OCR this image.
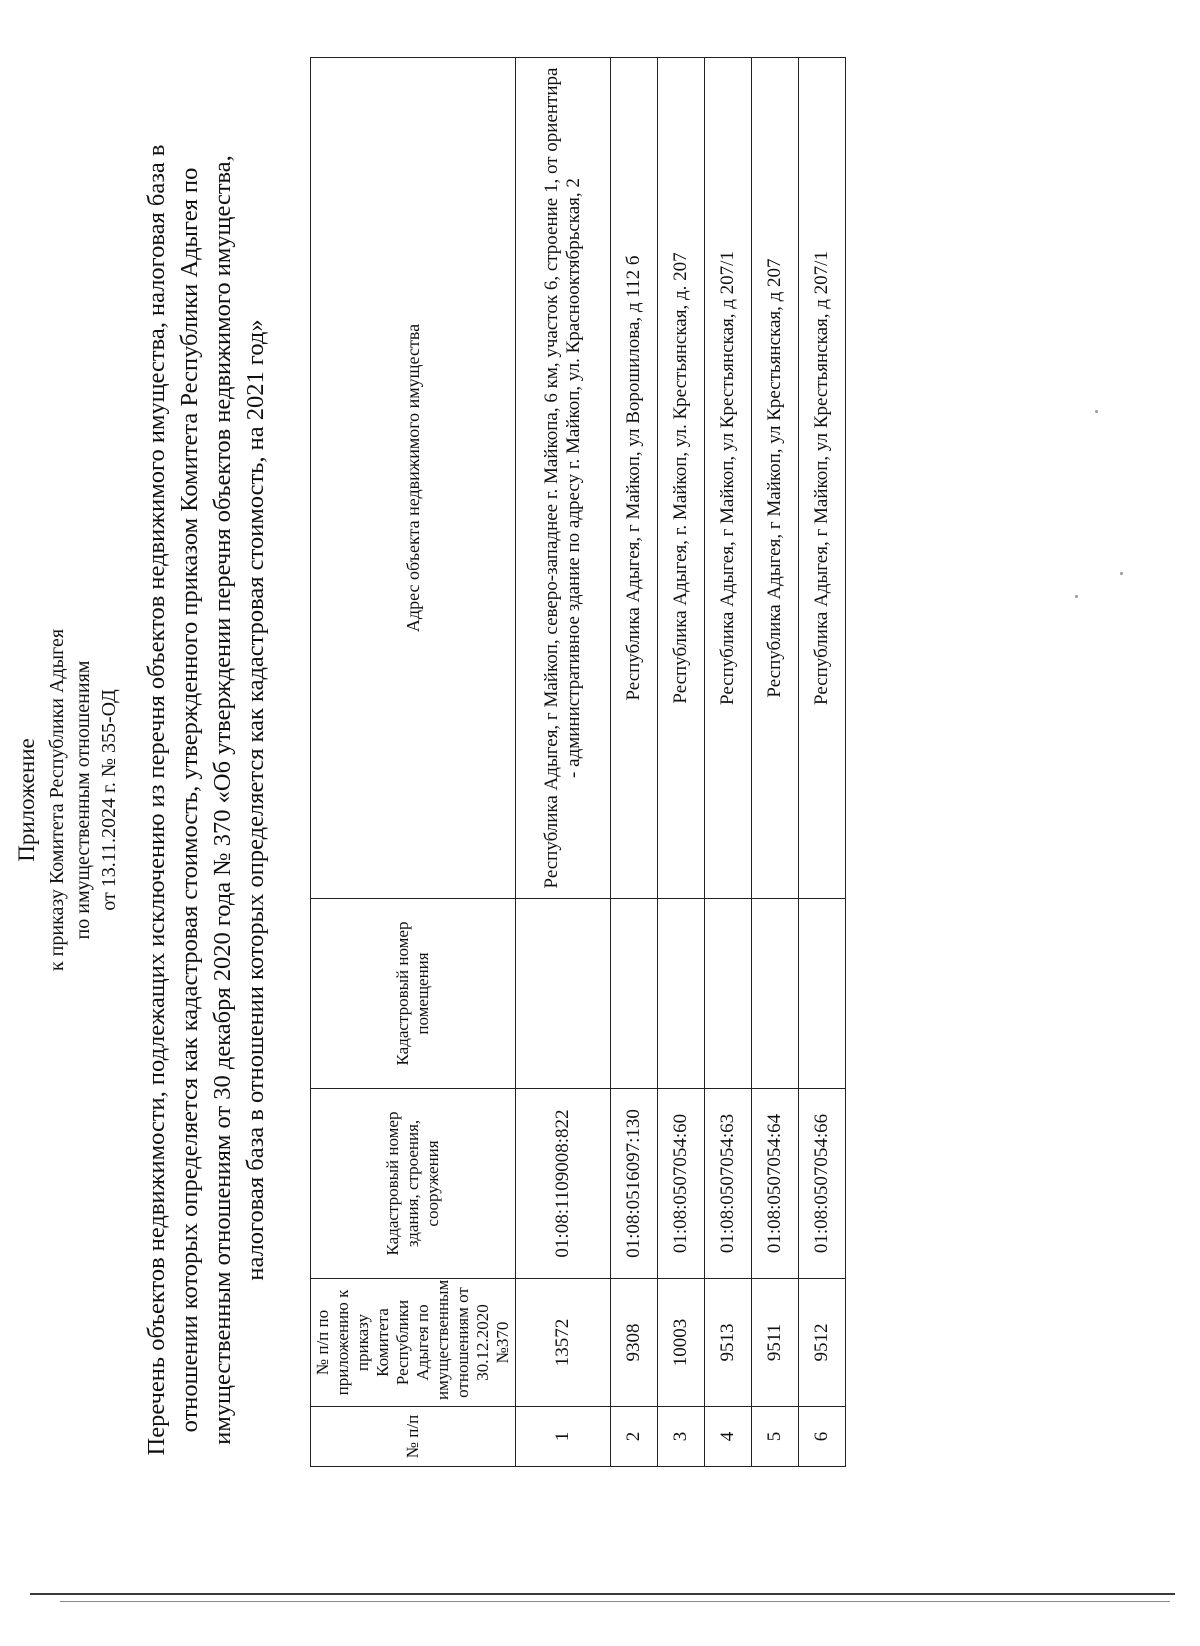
Приложение к приказу Комитета Республики Адыгея по имущественным отношениям от 13.11.2024 г. № 355-ОД Перечень объектов недвижимости, подлежащих исключению из перечня объектов недвижимого имущества, налоговая база в отношении которых определяется как кадастровая стоимость, утвержденного приказом Комитета Республики Адыгея по имущественным отношениям от 30 декабря 2020 года № 370 «Об утверждении перечня объектов недвижимого имущества, налоговая база в отношении которых определяется как кадастровая стоимость, на 2021 год»
№ п/п	№ п/п по приложению к приказу Комитета Республики Адыгея по имущественным отношениям от 30.12.2020 №370	Кадастровый номер здания, строения, сооружения	Кадастровый номер помещения	Адрес объекта недвижимого имущества
1	13572	01:08:1109008:822		Республика Адыгея, г Майкоп, северо-западнее г. Майкопа, 6 км, участок 6, строение 1, от ориентира - административное здание по адресу г. Майкоп, ул. Краснооктябрьская, 2
2	9308	01:08:0516097:130		Республика Адыгея, г Майкоп, ул Ворошилова, д 112 б
3	10003	01:08:0507054:60		Республика Адыгея, г. Майкоп, ул. Крестьянская, д. 207
4	9513	01:08:0507054:63		Республика Адыгея, г Майкоп, ул Крестьянская, д 207/1
5	9511	01:08:0507054:64		Республика Адыгея, г Майкоп, ул Крестьянская, д 207
6	9512	01:08:0507054:66		Республика Адыгея, г Майкоп, ул Крестьянская, д 207/1
